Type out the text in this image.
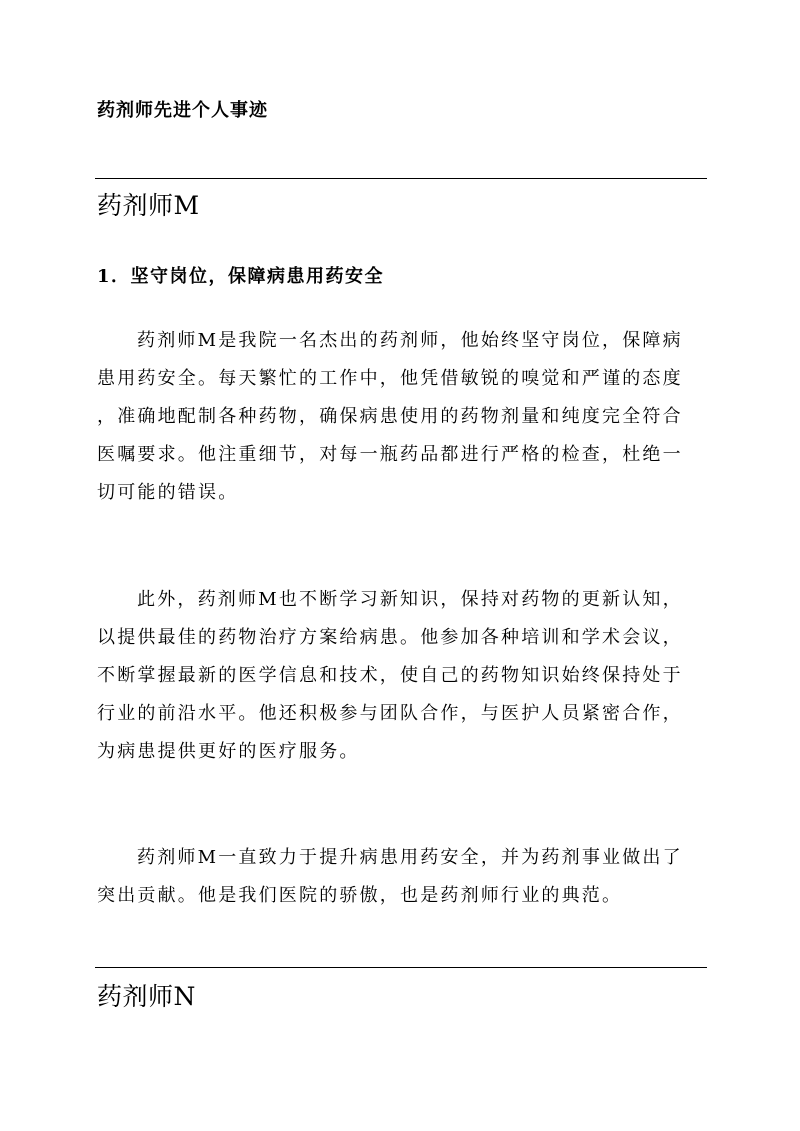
药剂师先进个人事迹
药剂师M
1．坚守岗位，保障病患用药安全

药剂师M是我院一名杰出的药剂师，他始终坚守岗位，保障病
患用药安全。每天繁忙的工作中，他凭借敏锐的嗅觉和严谨的态度
，准确地配制各种药物，确保病患使用的药物剂量和纯度完全符合
医嘱要求。他注重细节，对每一瓶药品都进行严格的检查，杜绝一
切可能的错误。

此外，药剂师M也不断学习新知识，保持对药物的更新认知，
以提供最佳的药物治疗方案给病患。他参加各种培训和学术会议，
不断掌握最新的医学信息和技术，使自己的药物知识始终保持处于
行业的前沿水平。他还积极参与团队合作，与医护人员紧密合作，
为病患提供更好的医疗服务。

药剂师M一直致力于提升病患用药安全，并为药剂事业做出了
突出贡献。他是我们医院的骄傲，也是药剂师行业的典范。

药剂师N
